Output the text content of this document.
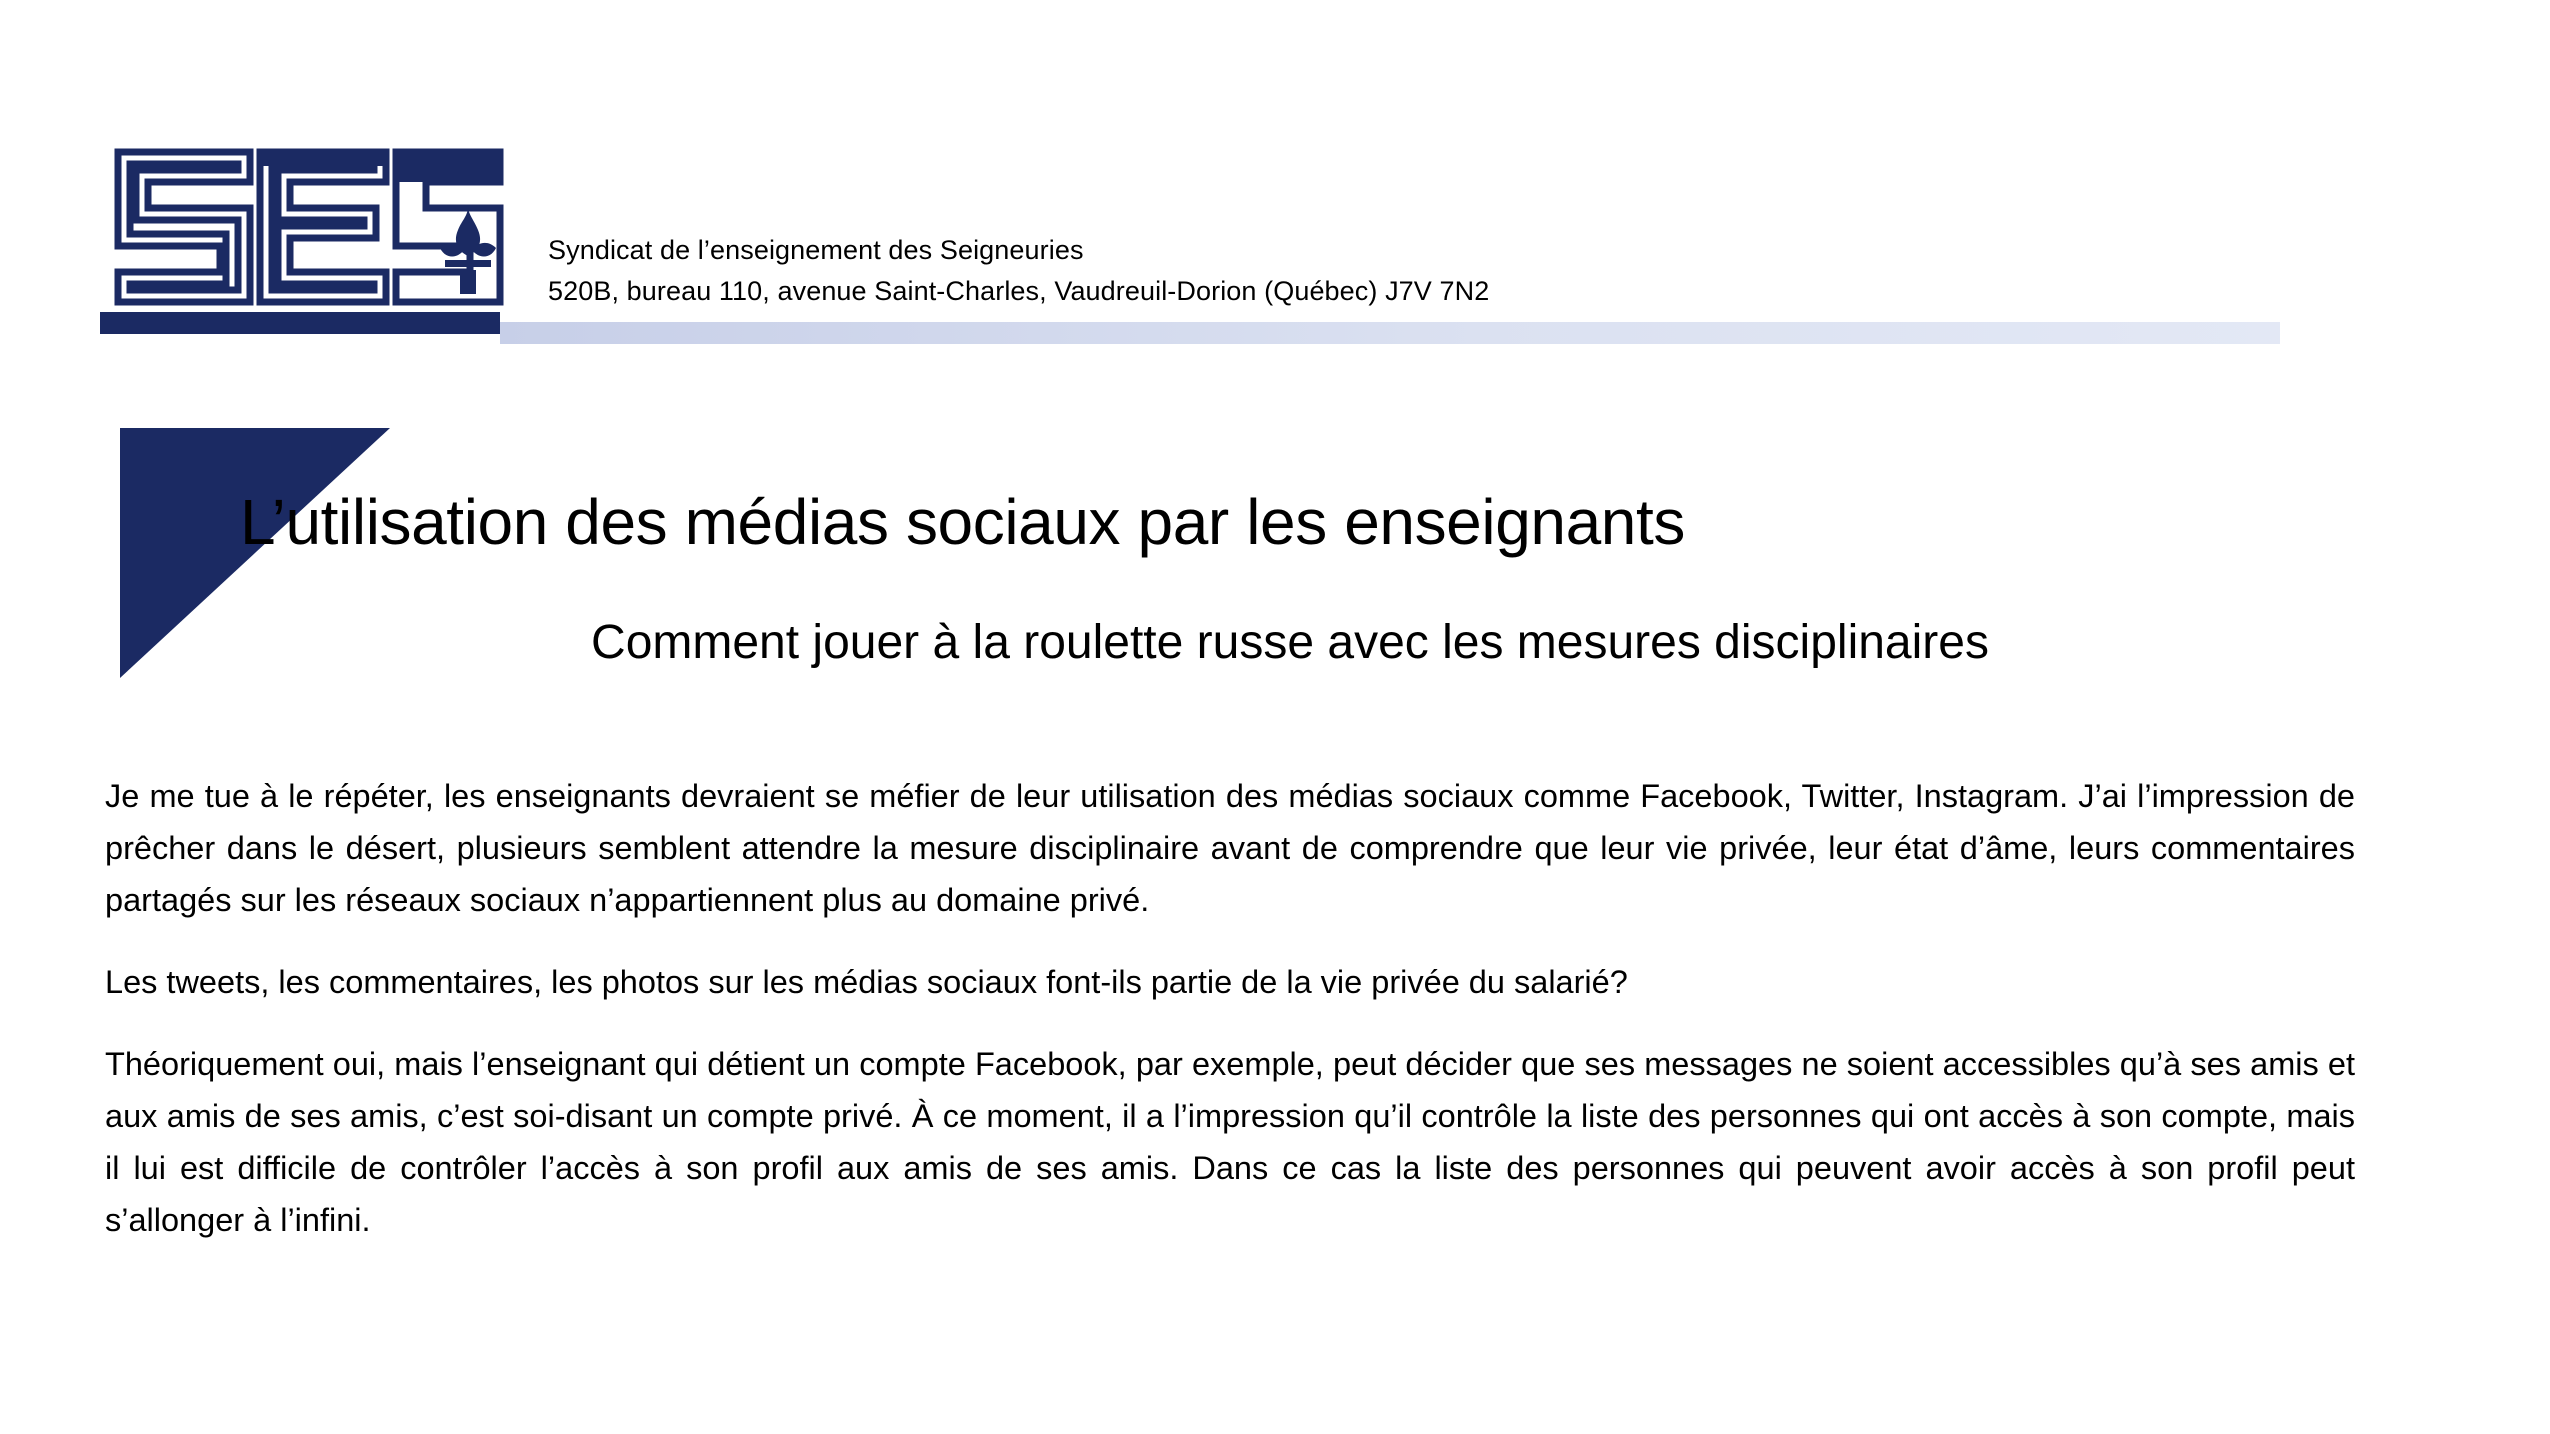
Syndicat de l’enseignement des Seigneuries
520B, bureau 110, avenue Saint-Charles, Vaudreuil-Dorion (Québec) J7V 7N2
L’utilisation des médias sociaux par les enseignants
Comment jouer à la roulette russe avec les mesures disciplinaires

Je me tue à le répéter, les enseignants devraient se méfier de leur utilisation des médias sociaux comme Facebook, Twitter, Instagram. J’ai l’impression de prêcher dans le désert, plusieurs semblent attendre la mesure disciplinaire avant de comprendre que leur vie privée, leur état d’âme, leurs commentaires partagés sur les réseaux sociaux n’appartiennent plus au domaine privé.

Les tweets, les commentaires, les photos sur les médias sociaux font-ils partie de la vie privée du salarié?

Théoriquement oui, mais l’enseignant qui détient un compte Facebook, par exemple, peut décider que ses messages ne soient accessibles qu’à ses amis et aux amis de ses amis, c’est soi-disant un compte privé. À ce moment, il a l’impression qu’il contrôle la liste des personnes qui ont accès à son compte, mais il lui est difficile de contrôler l’accès à son profil aux amis de ses amis. Dans ce cas la liste des personnes qui peuvent avoir accès à son profil peut s’allonger à l’infini.
